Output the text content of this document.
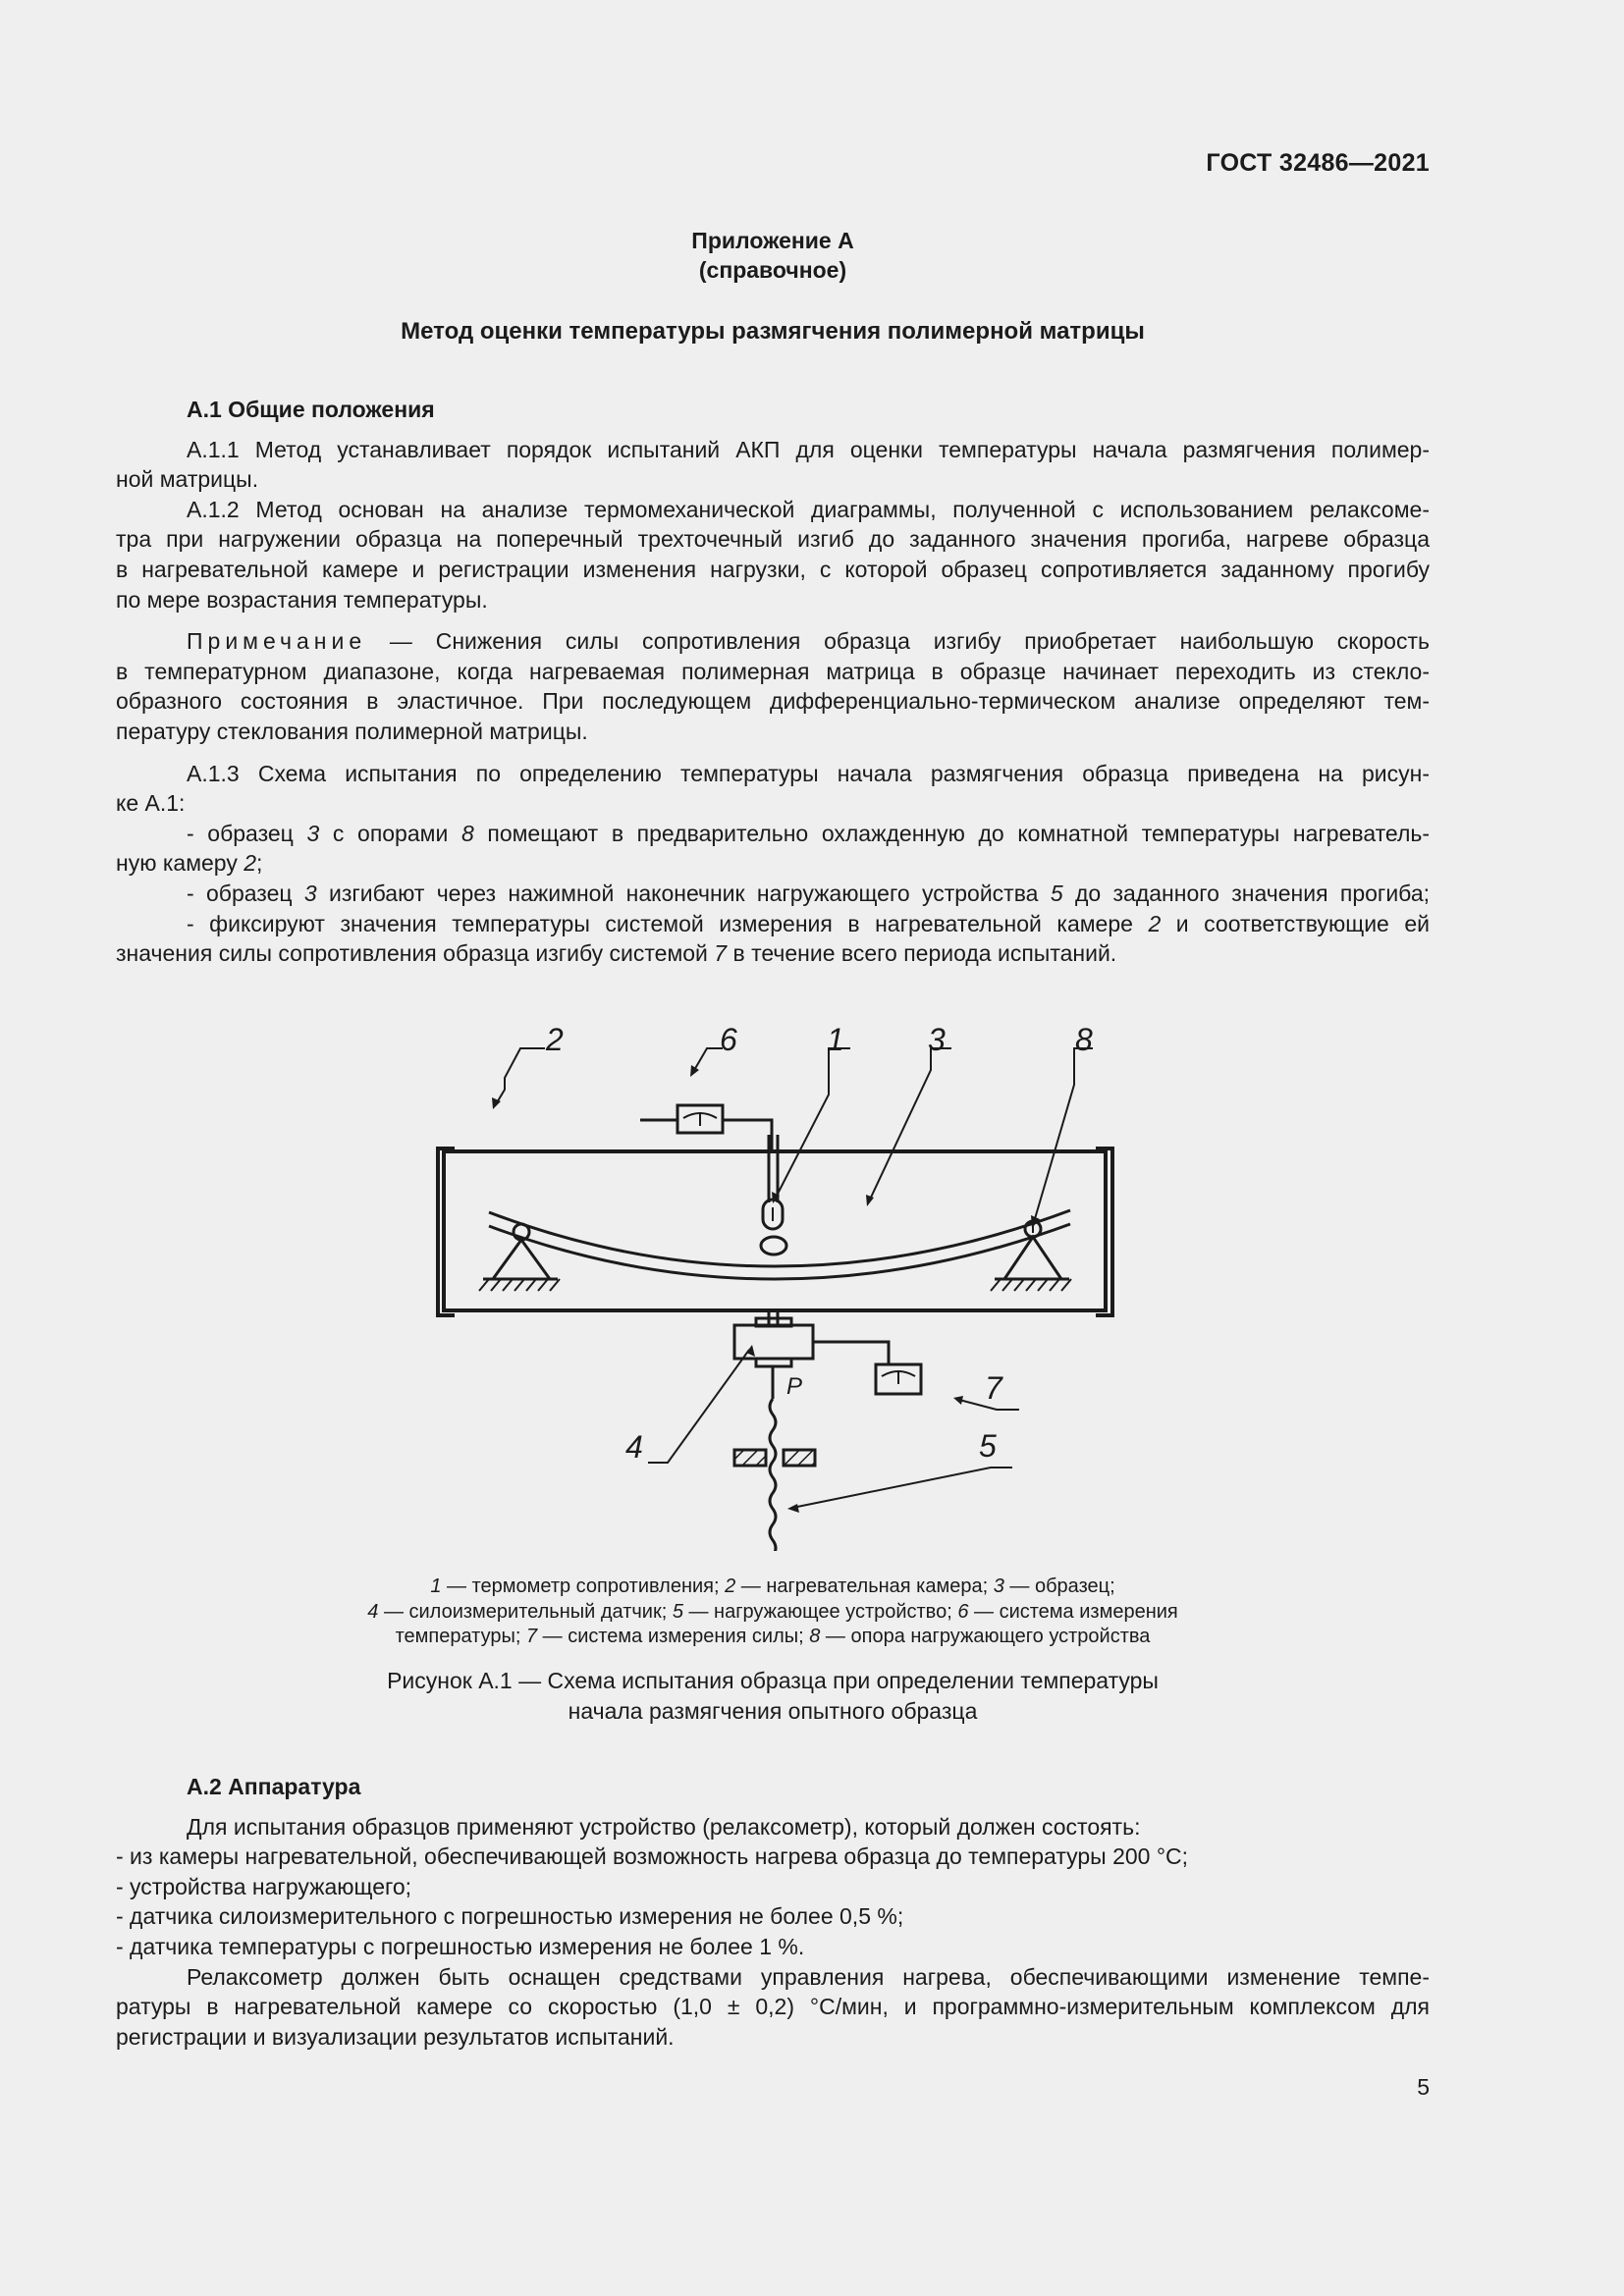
ГОСТ 32486—2021
Приложение А
(справочное)
Метод оценки температуры размягчения полимерной матрицы

А.1 Общие положения

А.1.1 Метод устанавливает порядок испытаний АКП для оценки температуры начала размягчения полимер-

ной матрицы.

А.1.2 Метод основан на анализе термомеханической диаграммы, полученной с использованием релаксоме-

тра при нагружении образца на поперечный трехточечный изгиб до заданного значения прогиба, нагреве образца

в нагревательной камере и регистрации изменения нагрузки, с которой образец сопротивляется заданному прогибу

по мере возрастания температуры.

Примечание — Снижения силы сопротивления образца изгибу приобретает наибольшую скорость

в температурном диапазоне, когда нагреваемая полимерная матрица в образце начинает переходить из стекло-

образного состояния в эластичное. При последующем дифференциально-термическом анализе определяют тем-

пературу стеклования полимерной матрицы.

А.1.3 Схема испытания по определению температуры начала размягчения образца приведена на рисун-

ке А.1:

- образец 3 с опорами 8 помещают в предварительно охлажденную до комнатной температуры нагреватель-

ную камеру 2;

- образец 3 изгибают через нажимной наконечник нагружающего устройства 5 до заданного значения прогиба;

- фиксируют значения температуры системой измерения в нагревательной камере 2 и соответствующие ей

значения силы сопротивления образца изгибу системой 7 в течение всего периода испытаний.

2	6	1	3	8
7
4	5
P

1 — термометр сопротивления; 2 — нагревательная камера; 3 — образец;

4 — силоизмерительный датчик; 5 — нагружающее устройство; 6 — система измерения

температуры; 7 — система измерения силы; 8 — опора нагружающего устройства

Рисунок А.1 — Схема испытания образца при определении температуры

начала размягчения опытного образца

А.2 Аппаратура

Для испытания образцов применяют устройство (релаксометр), который должен состоять:

- из камеры нагревательной, обеспечивающей возможность нагрева образца до температуры 200 °С;

- устройства нагружающего;

- датчика силоизмерительного с погрешностью измерения не более 0,5 %;

- датчика температуры с погрешностью измерения не более 1 %.

Релаксометр должен быть оснащен средствами управления нагрева, обеспечивающими изменение темпе-

ратуры в нагревательной камере со скоростью (1,0 ± 0,2) °С/мин, и программно-измерительным комплексом для

регистрации и визуализации результатов испытаний.

5
